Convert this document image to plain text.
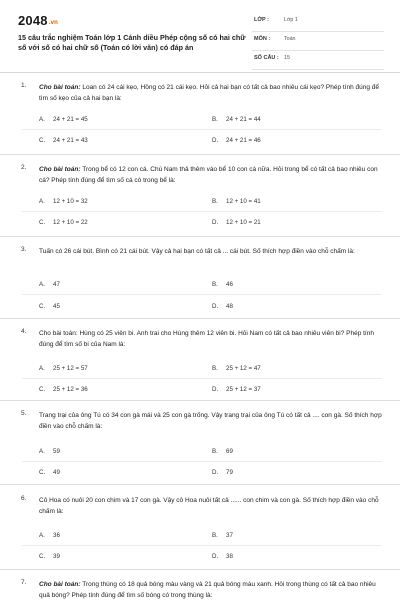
2048.vn
15 câu trắc nghiệm Toán lớp 1 Cánh diều Phép cộng số có hai chữ số với số có hai chữ số (Toán có lời văn) có đáp án
LỚP :	Lớp 1
MÔN :	Toán
SỐ CÂU : 15
1. Cho bài toán: Loan có 24 cái kẹo, Hồng có 21 cái kẹo. Hỏi cả hai bạn có tất cả bao nhiêu cái kẹo? Phép tính đúng để tìm số kẹo của cả hai bạn là:
A. 24 + 21 = 45	B. 24 + 21 = 44
C. 24 + 21 = 43	D. 24 + 21 = 46
2. Cho bài toán: Trong bể có 12 con cá. Chú Nam thả thêm vào bể 10 con cá nữa. Hỏi trong bể có tất cả bao nhiêu con cá? Phép tính đúng để tìm số cá có trong bể là:
A. 12 + 10 = 32	B. 12 + 10 = 41
C. 12 + 10 = 22	D. 12 + 10 = 21
3. Tuấn có 26 cái bút. Bình có 21 cái bút. Vậy cả hai bạn có tất cả ... cái bút. Số thích hợp điền vào chỗ chấm là:
A. 47	B. 46
C. 45	D. 48
4. Cho bài toán: Hùng có 25 viên bi. Anh trai cho Hùng thêm 12 viên bi. Hỏi Nam có tất cả bao nhiêu viên bi? Phép tính đúng để tìm số bi của Nam là:
A. 25 + 12 = 57	B. 25 + 12 = 47
C. 25 + 12 = 36	D. 25 + 12 = 37
5. Trang trại của ông Tú có 34 con gà mái và 25 con gà trống. Vậy trang trại của ông Tú có tất cả .... con gà. Số thích hợp điền vào chỗ chấm là:
A. 59	B. 69
C. 49	D. 79
6. Cô Hoa có nuôi 20 con chim và 17 con gà. Vậy cô Hoa nuôi tất cả ...... con chim và con gà. Số thích hợp điền vào chỗ chấm là:
A. 36	B. 37
C. 39	D. 38
7. Cho bài toán: Trong thùng có 18 quả bóng màu vàng và 21 quả bóng màu xanh. Hỏi trong thùng có tất cả bao nhiêu quả bóng? Phép tính đúng để tìm số bóng có trong thùng là:
